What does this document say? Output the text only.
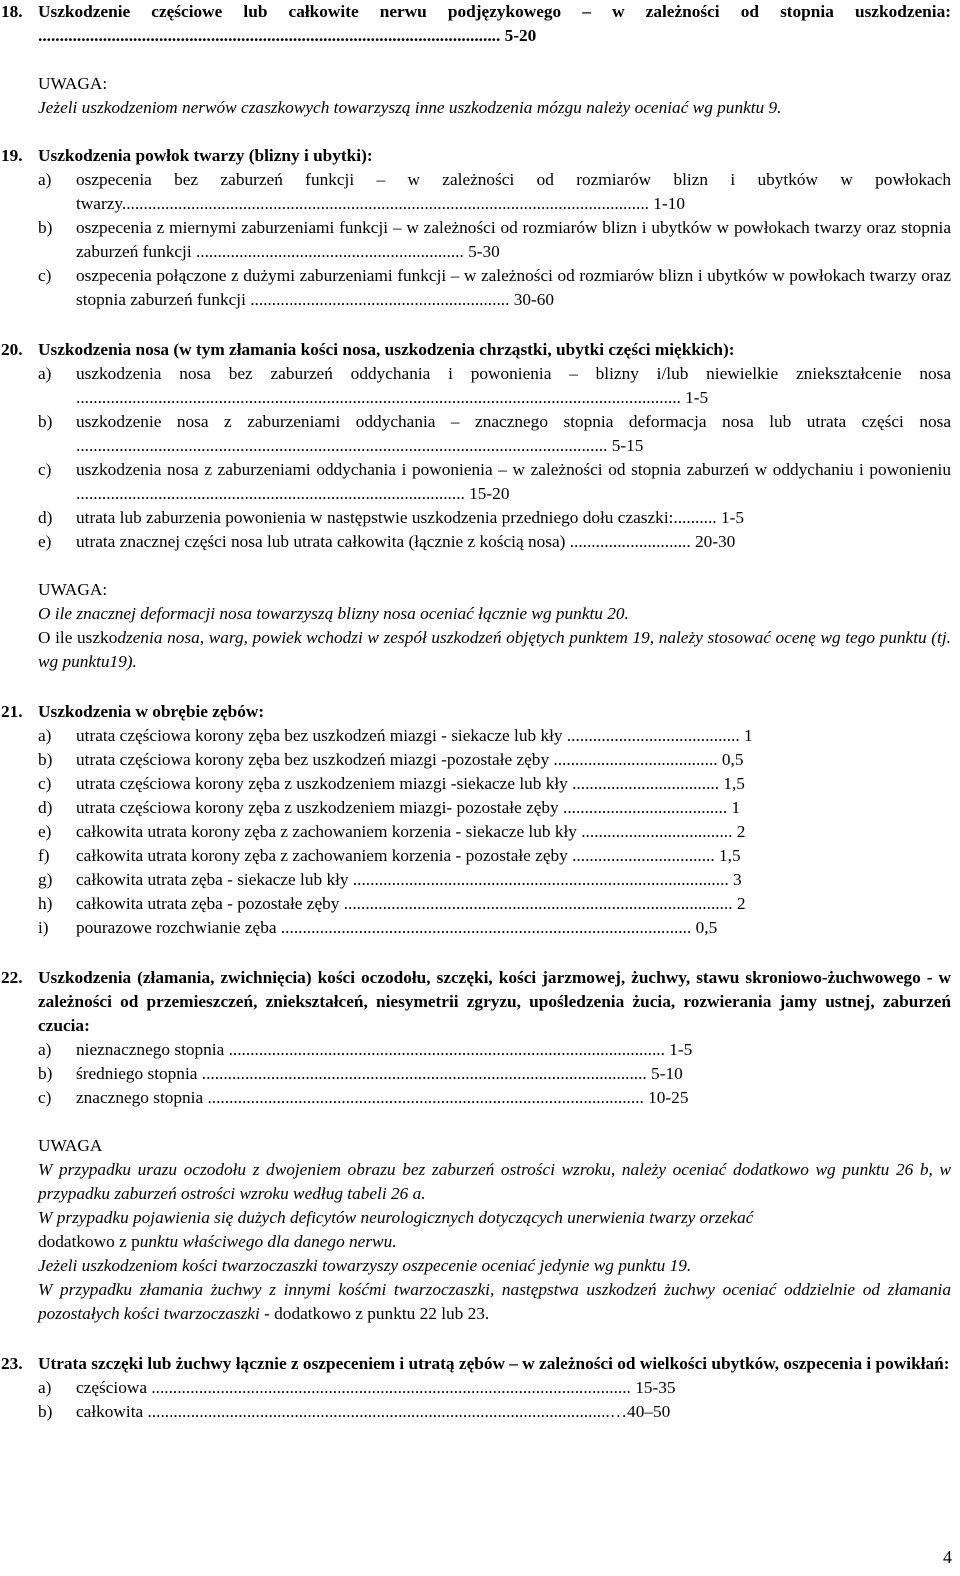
18. Uszkodzenie częściowe lub całkowite nerwu podjęzykowego – w zależności od stopnia uszkodzenia: ........................................................................................................... 5-20
UWAGA:
Jeżeli uszkodzeniom nerwów czaszkowych towarzyszą inne uszkodzenia mózgu należy oceniać wg punktu 9.
19. Uszkodzenia powłok twarzy (blizny i ubytki):
a) oszpecenia bez zaburzeń funkcji – w zależności od rozmiarów blizn i ubytków w powłokach twarzy.......................................................................................................................... 1-10
b) oszpecenia z miernymi zaburzeniami funkcji – w zależności od rozmiarów blizn i ubytków w powłokach twarzy oraz stopnia zaburzeń funkcji .............................................................. 5-30
c) oszpecenia połączone z dużymi zaburzeniami funkcji – w zależności od rozmiarów blizn i ubytków w powłokach twarzy oraz stopnia zaburzeń funkcji ............................................................ 30-60
20. Uszkodzenia nosa (w tym złamania kości nosa, uszkodzenia chrząstki, ubytki części miękkich):
a) uszkodzenia nosa bez zaburzeń oddychania i powonienia – blizny i/lub niewielkie zniekształcenie nosa ............................................................................................................................................ 1-5
b) uszkodzenie nosa z zaburzeniami oddychania – znacznego stopnia deformacja nosa lub utrata części nosa ........................................................................................................................... 5-15
c) uszkodzenia nosa z zaburzeniami oddychania i powonienia – w zależności od stopnia zaburzeń w oddychaniu i powonieniu .......................................................................................... 15-20
d) utrata lub zaburzenia powonienia w następstwie uszkodzenia przedniego dołu czaszki:.......... 1-5
e) utrata znacznej części nosa lub utrata całkowita (łącznie z kością nosa) ............................ 20-30
UWAGA:
O ile znacznej deformacji nosa towarzyszą blizny nosa oceniać łącznie wg punktu 20.
O ile uszkodzenia nosa, warg, powiek wchodzi w zespół uszkodzeń objętych punktem 19, należy stosować ocenę wg tego punktu (tj. wg punktu19).
21. Uszkodzenia w obrębie zębów:
a) utrata częściowa korony zęba bez uszkodzeń miazgi - siekacze lub kły ........................................ 1
b) utrata częściowa korony zęba bez uszkodzeń miazgi -pozostałe zęby ...................................... 0,5
c) utrata częściowa korony zęba z uszkodzeniem miazgi -siekacze lub kły .................................. 1,5
d) utrata częściowa korony zęba z uszkodzeniem miazgi- pozostałe zęby ...................................... 1
e) całkowita utrata korony zęba z zachowaniem korzenia - siekacze lub kły ................................... 2
f) całkowita utrata korony zęba z zachowaniem korzenia - pozostałe zęby ................................. 1,5
g) całkowita utrata zęba - siekacze lub kły ....................................................................................... 3
h) całkowita utrata zęba - pozostałe zęby .......................................................................................... 2
i) pourazowe rozchwianie zęba ............................................................................................... 0,5
22. Uszkodzenia (złamania, zwichnięcia) kości oczodołu, szczęki, kości jarzmowej, żuchwy, stawu skroniowo-żuchwowego - w zależności od przemieszczeń, zniekształceń, niesymetrii zgryzu, upośledzenia żucia, rozwierania jamy ustnej, zaburzeń czucia:
a) nieznacznego stopnia ..................................................................................................... 1-5
b) średniego stopnia ....................................................................................................... 5-10
c) znacznego stopnia ..................................................................................................... 10-25
UWAGA
W przypadku urazu oczodołu z dwojeniem obrazu bez zaburzeń ostrości wzroku, należy oceniać dodatkowo wg punktu 26 b, w przypadku zaburzeń ostrości wzroku według tabeli 26 a.
W przypadku pojawienia się dużych deficytów neurologicznych dotyczących unerwienia twarzy orzekać
dodatkowo z punktu właściwego dla danego nerwu.
Jeżeli uszkodzeniom kości twarzoczaszki towarzyszy oszpecenie oceniać jedynie wg punktu 19.
W przypadku złamania żuchwy z innymi kośćmi twarzoczaszki, następstwa uszkodzeń żuchwy oceniać oddzielnie od złamania pozostałych kości twarzoczaszki - dodatkowo z punktu 22 lub 23.
23. Utrata szczęki lub żuchwy łącznie z oszpeceniem i utratą zębów – w zależności od wielkości ubytków, oszpecenia i powikłań:
a) częściowa ............................................................................................................... 15-35
b) całkowita ...........................................................................................................…40–50
4
